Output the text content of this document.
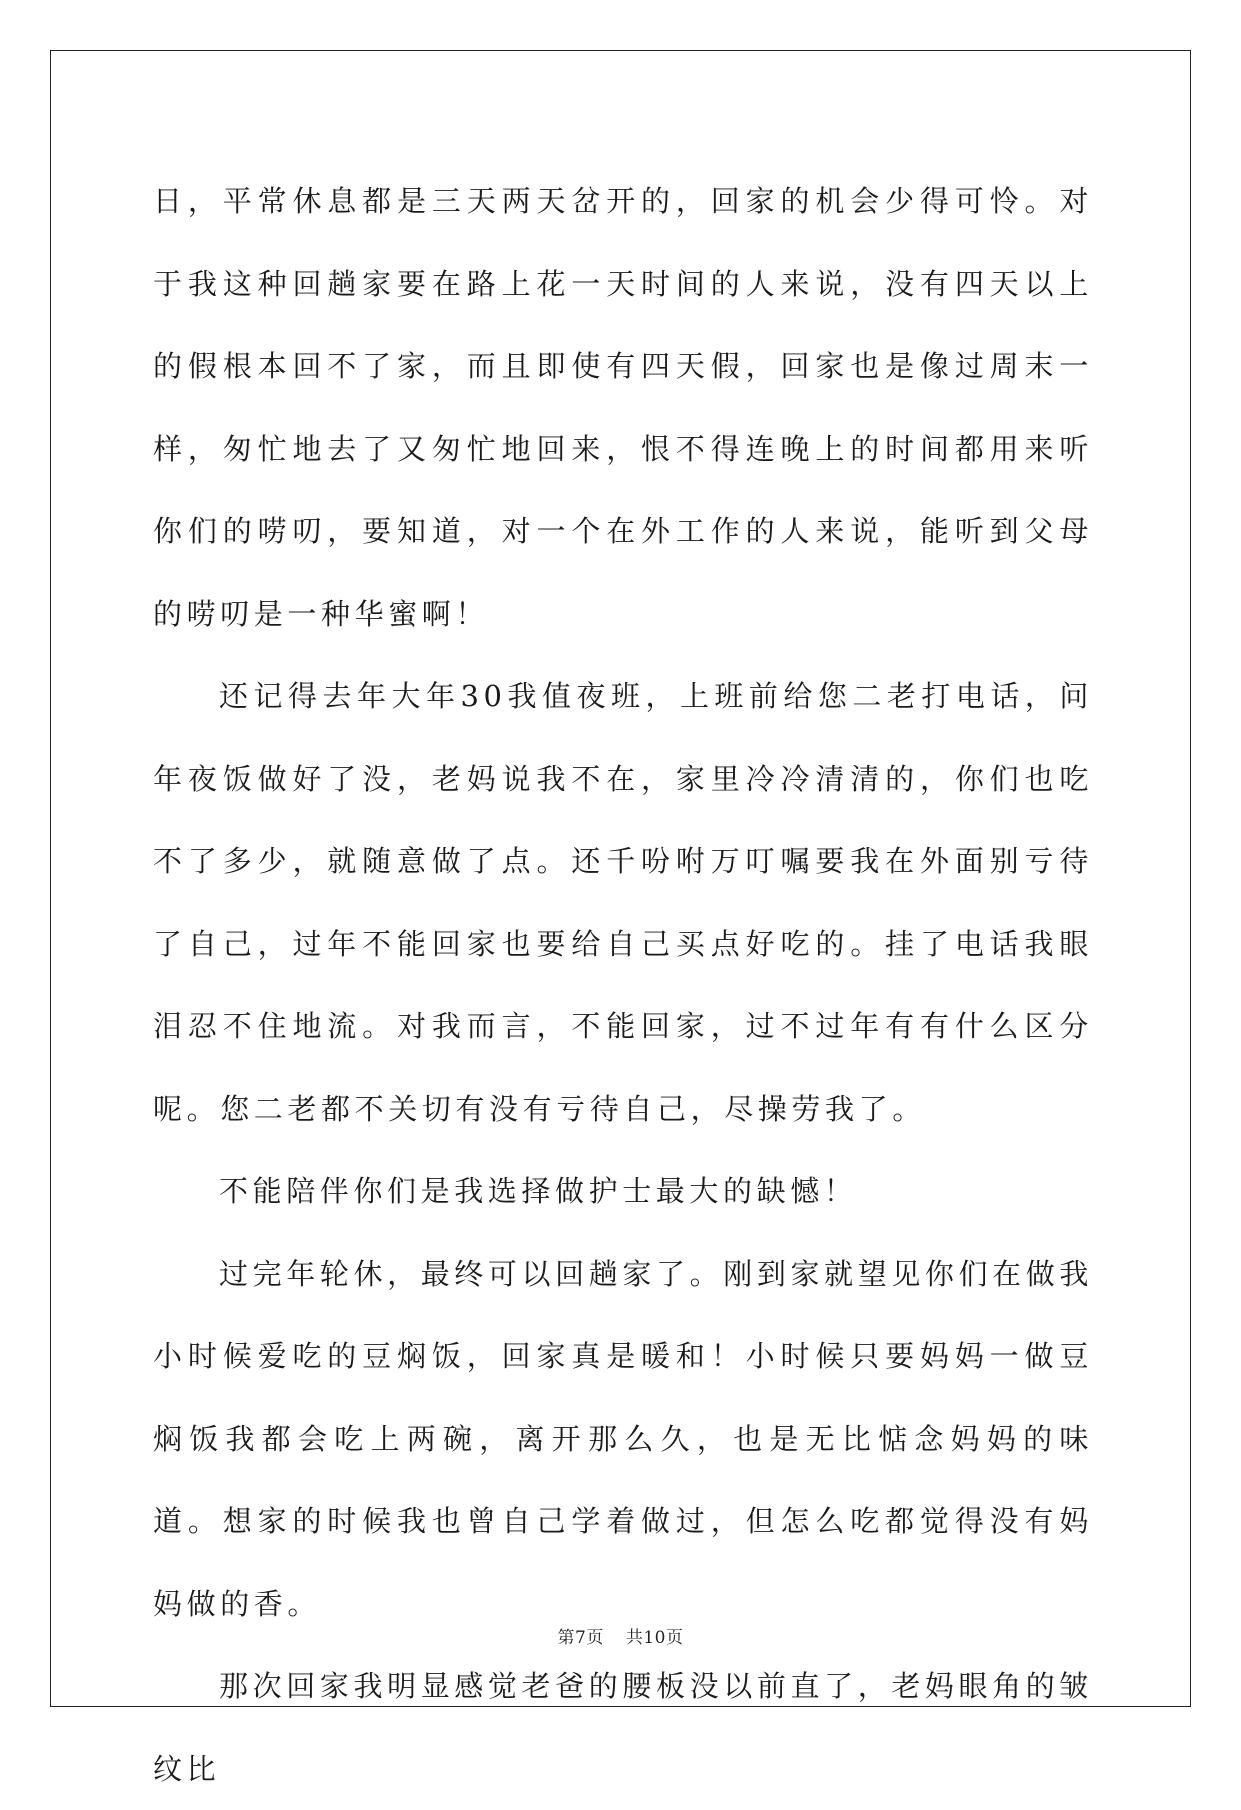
日，平常休息都是三天两天岔开的，回家的机会少得可怜。对于我这种回趟家要在路上花一天时间的人来说，没有四天以上的假根本回不了家，而且即使有四天假，回家也是像过周末一样，匆忙地去了又匆忙地回来，恨不得连晚上的时间都用来听你们的唠叨，要知道，对一个在外工作的人来说，能听到父母的唠叨是一种华蜜啊！

还记得去年大年30我值夜班，上班前给您二老打电话，问年夜饭做好了没，老妈说我不在，家里冷冷清清的，你们也吃不了多少，就随意做了点。还千吩咐万叮嘱要我在外面别亏待了自己，过年不能回家也要给自己买点好吃的。挂了电话我眼泪忍不住地流。对我而言，不能回家，过不过年有有什么区分呢。您二老都不关切有没有亏待自己，尽操劳我了。

不能陪伴你们是我选择做护士最大的缺憾！

过完年轮休，最终可以回趟家了。刚到家就望见你们在做我小时候爱吃的豆焖饭，回家真是暖和！小时候只要妈妈一做豆焖饭我都会吃上两碗，离开那么久，也是无比惦念妈妈的味道。想家的时候我也曾自己学着做过，但怎么吃都觉得没有妈妈做的香。

那次回家我明显感觉老爸的腰板没以前直了，老妈眼角的皱纹比

第7页 共10页
